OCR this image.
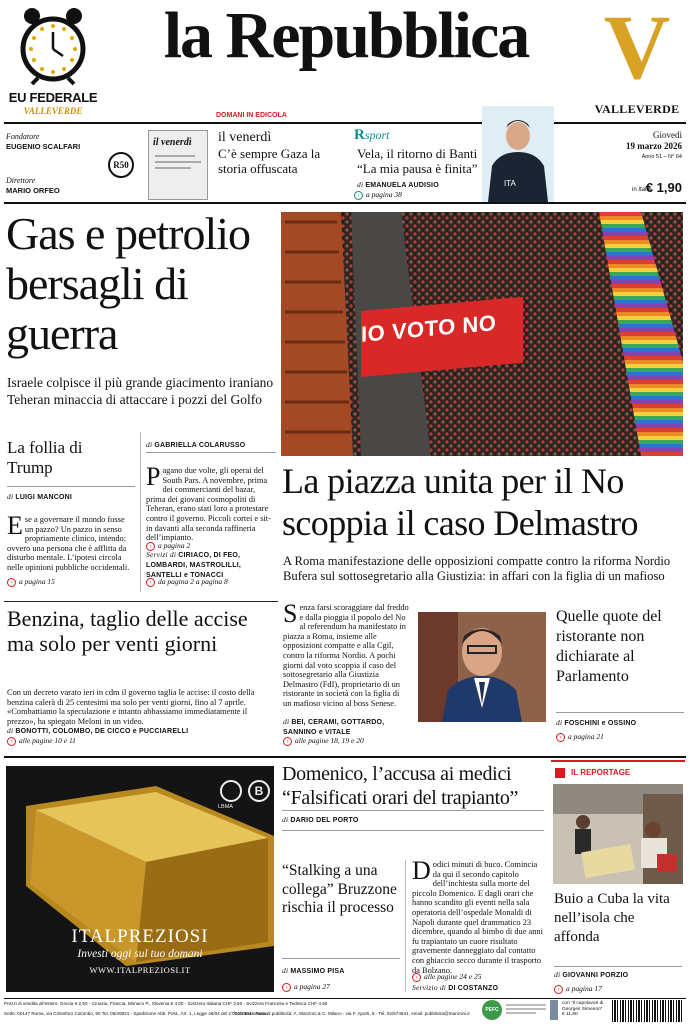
EU FEDERALE
VALLEVERDE
la Repubblica V
VALLEVERDE
Fondatore
EUGENIO SCALFARI
Direttore
MARIO ORFEO
R50
il venerdì
DOMANI IN EDICOLA
il venerdì
C’è sempre Gaza la storia offuscata
Rsport
Vela, il ritorno di Banti
“La mia pausa è finita”
di EMANUELA AUDISIO
› a pagina 38
ITA
Giovedì
19 marzo 2026
Anno 51 – N° 64
in Italia
€ 1,90
Gas e petrolio bersagli di guerra
Israele colpisce il più grande giacimento iraniano Teheran minaccia di attaccare i pozzi del Golfo
La follia di Trump
di LUIGI MANCONI
Ese a governare il mondo fosse un pazzo? Un pazzo in senso propriamente clinico, intendo: ovvero una persona che è afflitta da disturbo mentale. L’ipotesi circola nelle opinioni pubbliche occidentali.
› a pagina 15
di GABRIELLA COLARUSSO
Pagano due volte, gli operai del South Pars. A novembre, prima dei commercianti del bazar, prima dei giovani cosmopoliti di Teheran, erano stati loro a protestare contro il governo. Piccoli cortei e sit-in davanti alla seconda raffineria dell’impianto.
› a pagina 2
Servizi di CIRIACO, DI FEO, LOMBARDI, MASTROLILLI, SANTELLI e TONACCI
› da pagina 2 a pagina 8
Benzina, taglio delle accise ma solo per venti giorni
Con un decreto varato ieri in cdm il governo taglia le accise: il costo della benzina calerà di 25 centesimi ma solo per venti giorni, fino al 7 aprile. «Combattiamo la speculazione e intanto abbassiamo immediatamente il prezzo», ha spiegato Meloni in un video.
di BONOTTI, COLOMBO, DE CICCO e PUCCIARELLI
› alle pagine 10 e 11
IO VOTO NO
La piazza unita per il No scoppia il caso Delmastro
A Roma manifestazione delle opposizioni compatte contro la riforma Nordio Bufera sul sottosegretario alla Giustizia: in affari con la figlia di un mafioso
Senza farsi scoraggiare dal freddo e dalla pioggia il popolo del No al referendum ha manifestato in piazza a Roma, insieme alle opposizioni compatte e alla Cgil, contro la riforma Nordio. A pochi giorni dal voto scoppia il caso del sottosegretario alla Giustizia Delmastro (FdI), proprietario di un ristorante in società con la figlia di un mafioso vicino al boss Senese.
di BEI, CERAMI, GOTTARDO, SANNINO e VITALE
› alle pagine 18, 19 e 20
Quelle quote del ristorante non dichiarate al Parlamento
di FOSCHINI e OSSINO
› a pagina 21
LBMA
B
ITALPREZIOSI
Investi oggi sul tuo domani
WWW.ITALPREZIOSI.IT
Domenico, l’accusa ai medici “Falsificati orari del trapianto”
di DARIO DEL PORTO
Dodici minuti di buco. Comincia da qui il secondo capitolo dell’inchiesta sulla morte del piccolo Domenico. E dagli orari che hanno scandito gli eventi nella sala operatoria dell’ospedale Monaldi di Napoli durante quel drammatico 23 dicembre, quando al bimbo di due anni fu trapiantato un cuore risultato gravemente danneggiato dal contatto con ghiaccio secco durante il trasporto da Bolzano.
› alle pagine 24 e 25
Servizio di DI COSTANZO
“Stalking a una collega” Bruzzone rischia il processo
di MASSIMO PISA
› a pagina 27
IL REPORTAGE
Buio a Cuba la vita nell’isola che affonda
di GIOVANNI PORZIO
› a pagina 17
Prezzi di vendita all’estero: Grecia € 2,50 - Croazia, Francia, Monaco P., Slovenia € 4,00 - Svizzera Italiana CHF 3,50 - Svizzera Francese e Tedesca CHF 4,50
Sede: 00147 Roma, via Cristoforo Colombo, 90 Tel. 06/49821 - Spedizione Abb. Post., Art. 1, Legge 46/04 del 27/02/2004 - Roma
Concessionaria di pubblicità: A. Manzoni & C. Milano - via F. Aporti, 8 - Tel. 02/574941, email: pubblicita@manzoni.it
PEFC
con “Il capolavori di Georges Simenon” € 11,80
